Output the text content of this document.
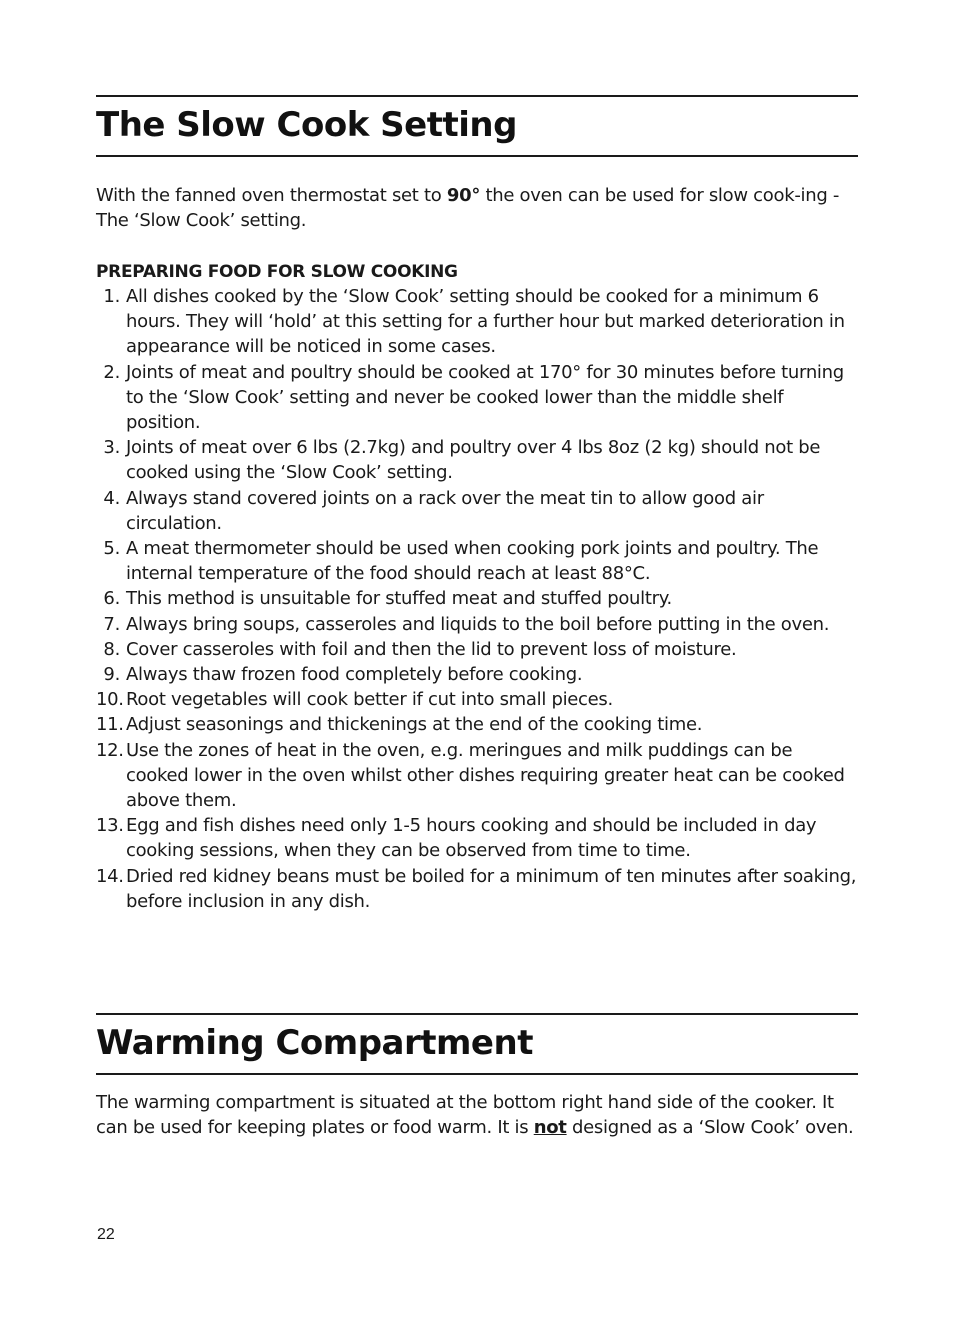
The Slow Cook Setting

With the fanned oven thermostat set to 90° the oven can be used for slow cook-ing - The ‘Slow Cook’ setting.

PREPARING FOOD FOR SLOW COOKING
1. All dishes cooked by the ‘Slow Cook’ setting should be cooked for a minimum 6 hours. They will ‘hold’ at this setting for a further hour but marked deterioration in appearance will be noticed in some cases.
2. Joints of meat and poultry should be cooked at 170° for 30 minutes before turning to the ‘Slow Cook’ setting and never be cooked lower than the middle shelf position.
3. Joints of meat over 6 lbs (2.7kg) and poultry over 4 lbs 8oz (2 kg) should not be cooked using the ‘Slow Cook’ setting.
4. Always stand covered joints on a rack over the meat tin to allow good air circulation.
5. A meat thermometer should be used when cooking pork joints and poultry. The internal temperature of the food should reach at least 88°C.
6. This method is unsuitable for stuffed meat and stuffed poultry.
7. Always bring soups, casseroles and liquids to the boil before putting in the oven.
8. Cover casseroles with foil and then the lid to prevent loss of moisture.
9. Always thaw frozen food completely before cooking.
10. Root vegetables will cook better if cut into small pieces.
11. Adjust seasonings and thickenings at the end of the cooking time.
12. Use the zones of heat in the oven, e.g. meringues and milk puddings can be cooked lower in the oven whilst other dishes requiring greater heat can be cooked above them.
13. Egg and fish dishes need only 1-5 hours cooking and should be included in day cooking sessions, when they can be observed from time to time.
14. Dried red kidney beans must be boiled for a minimum of ten minutes after soaking, before inclusion in any dish.
Warming Compartment

The warming compartment is situated at the bottom right hand side of the cooker. It can be used for keeping plates or food warm. It is not designed as a ‘Slow Cook’ oven.

22
